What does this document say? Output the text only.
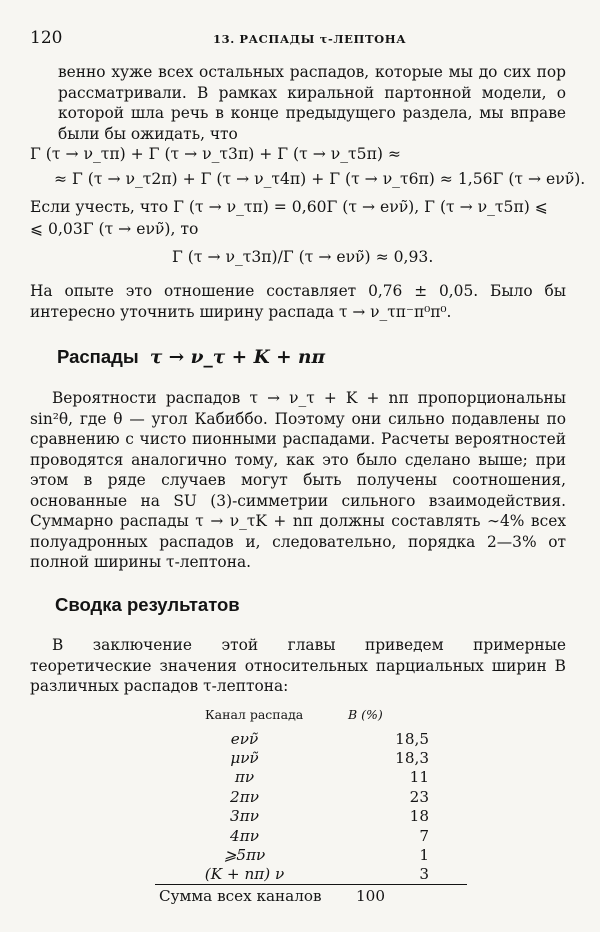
120	13. РАСПАДЫ τ-ЛЕПТОНА

венно хуже всех остальных распадов, которые мы до сих пор рассматривали. В рамках киральной партонной модели, о которой шла речь в конце предыдущего раздела, мы вправе были бы ожидать, что

Γ (τ → ν_τπ) + Γ (τ → ν_τ3π) + Γ (τ → ν_τ5π) ≈
≈ Γ (τ → ν_τ2π) + Γ (τ → ν_τ4π) + Γ (τ → ν_τ6π) ≈ 1,56Γ (τ → eνν̃).
Если учесть, что Γ (τ → ν_τπ) = 0,60Γ (τ → eνν̃), Γ (τ → ν_τ5π) ⩽
⩽ 0,03Γ (τ → eνν̃), то
Γ (τ → ν_τ3π)/Γ (τ → eνν̃) ≈ 0,93.

На опыте это отношение составляет 0,76 ± 0,05. Было бы интересно уточнить ширину распада τ → ν_τπ⁻π⁰π⁰.

Распады τ → ν_τ + K + nπ

Вероятности распадов τ → ν_τ + K + nπ пропорциональны sin²θ, где θ — угол Кабиббо. Поэтому они сильно подавлены по сравнению с чисто пионными распадами. Расчеты вероятностей проводятся аналогично тому, как это было сделано выше; при этом в ряде случаев могут быть получены соотношения, основанные на SU (3)-симметрии сильного взаимодействия. Суммарно распады τ → ν_τK + nπ должны составлять ∼4% всех полуадронных распадов и, следовательно, порядка 2—3% от полной ширины τ-лептона.

Сводка результатов

В заключение этой главы приведем примерные теоретические значения относительных парциальных ширин B различных распадов τ-лептона:

Канал распада	B (%)
eνν̃	18,5
μνν̃	18,3
πν	11
2πν	23
3πν	18
4πν	7
⩾5πν	1
(K + nπ) ν	3
Сумма всех каналов	100
